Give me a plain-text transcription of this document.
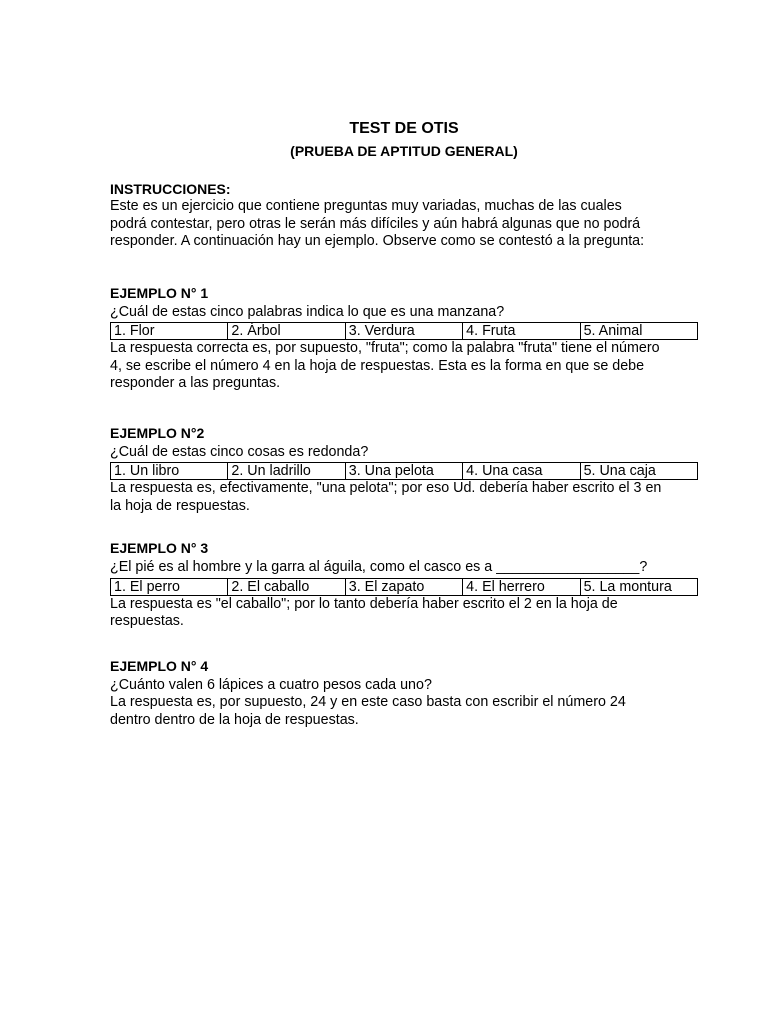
TEST DE OTIS

(PRUEBA DE APTITUD GENERAL)

INSTRUCCIONES:

Este es un ejercicio que contiene preguntas muy variadas, muchas de las cuales

podrá contestar, pero otras le serán más difíciles y aún habrá algunas que no podrá

responder. A continuación hay un ejemplo. Observe como se contestó a la pregunta:

EJEMPLO N° 1

¿Cuál de estas cinco palabras indica lo que es una manzana?

1. Flor	2. Árbol	3. Verdura	4. Fruta	5. Animal

La respuesta correcta es, por supuesto, "fruta"; como la palabra "fruta" tiene el número

4, se escribe el número 4 en la hoja de respuestas. Esta es la forma en que se debe

responder a las preguntas.

EJEMPLO N°2

¿Cuál de estas cinco cosas es redonda?

1. Un libro	2. Un ladrillo	3. Una pelota	4. Una casa	5. Una caja

La respuesta es, efectivamente, "una pelota"; por eso Ud. debería haber escrito el 3 en

la hoja de respuestas.

EJEMPLO N° 3

¿El pié es al hombre y la garra al águila, como el casco es a __________________?

1. El perro	2. El caballo	3. El zapato	4. El herrero	5. La montura

La respuesta es "el caballo"; por lo tanto debería haber escrito el 2 en la hoja de

respuestas.

EJEMPLO N° 4

¿Cuánto valen 6 lápices a cuatro pesos cada uno?

La respuesta es, por supuesto, 24 y en este caso basta con escribir el número 24

dentro dentro de la hoja de respuestas.
